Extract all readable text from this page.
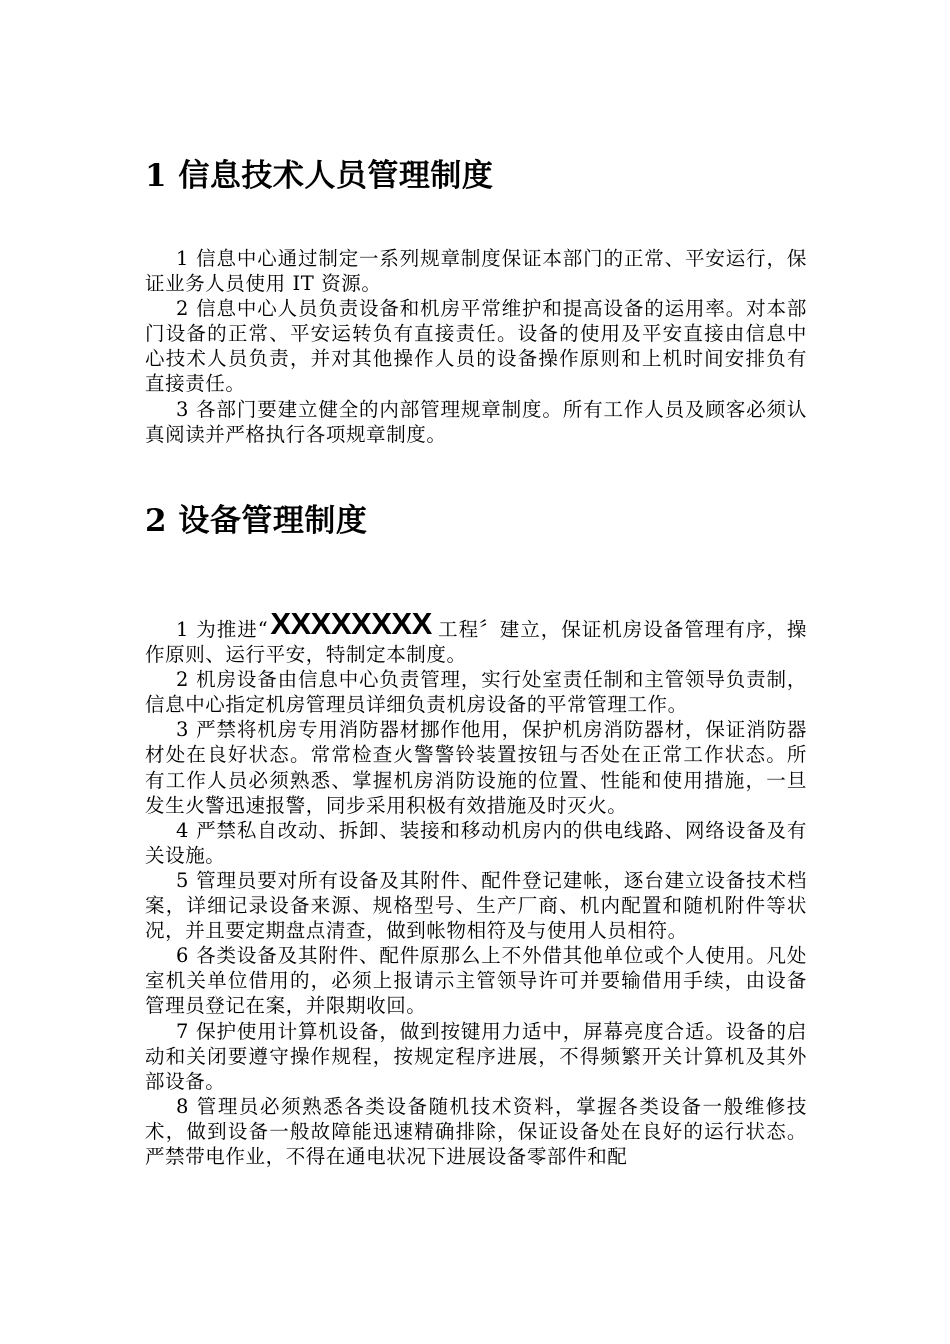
1 信息技术人员管理制度

1 信息中心通过制定一系列规章制度保证本部门的正常、平安运行，保证业务人员使用 IT 资源。

2 信息中心人员负责设备和机房平常维护和提高设备的运用率。对本部门设备的正常、平安运转负有直接责任。设备的使用及平安直接由信息中心技术人员负责，并对其他操作人员的设备操作原则和上机时间安排负有直接责任。

3 各部门要建立健全的内部管理规章制度。所有工作人员及顾客必须认真阅读并严格执行各项规章制度。

2 设备管理制度

1 为推进“XXXXXXXX 工程〞建立，保证机房设备管理有序，操作原则、运行平安，特制定本制度。

2 机房设备由信息中心负责管理，实行处室责任制和主管领导负责制，信息中心指定机房管理员详细负责机房设备的平常管理工作。

3 严禁将机房专用消防器材挪作他用，保护机房消防器材，保证消防器材处在良好状态。常常检查火警警铃装置按钮与否处在正常工作状态。所有工作人员必须熟悉、掌握机房消防设施的位置、性能和使用措施，一旦发生火警迅速报警，同步采用积极有效措施及时灭火。

4 严禁私自改动、拆卸、装接和移动机房内的供电线路、网络设备及有关设施。

5 管理员要对所有设备及其附件、配件登记建帐，逐台建立设备技术档案，详细记录设备来源、规格型号、生产厂商、机内配置和随机附件等状况，并且要定期盘点清查，做到帐物相符及与使用人员相符。

6 各类设备及其附件、配件原那么上不外借其他单位或个人使用。凡处室机关单位借用的，必须上报请示主管领导许可并要输借用手续，由设备管理员登记在案，并限期收回。

7 保护使用计算机设备，做到按键用力适中，屏幕亮度合适。设备的启动和关闭要遵守操作规程，按规定程序进展，不得频繁开关计算机及其外部设备。

8 管理员必须熟悉各类设备随机技术资料，掌握各类设备一般维修技术，做到设备一般故障能迅速精确排除，保证设备处在良好的运行状态。严禁带电作业，不得在通电状况下进展设备零部件和配
